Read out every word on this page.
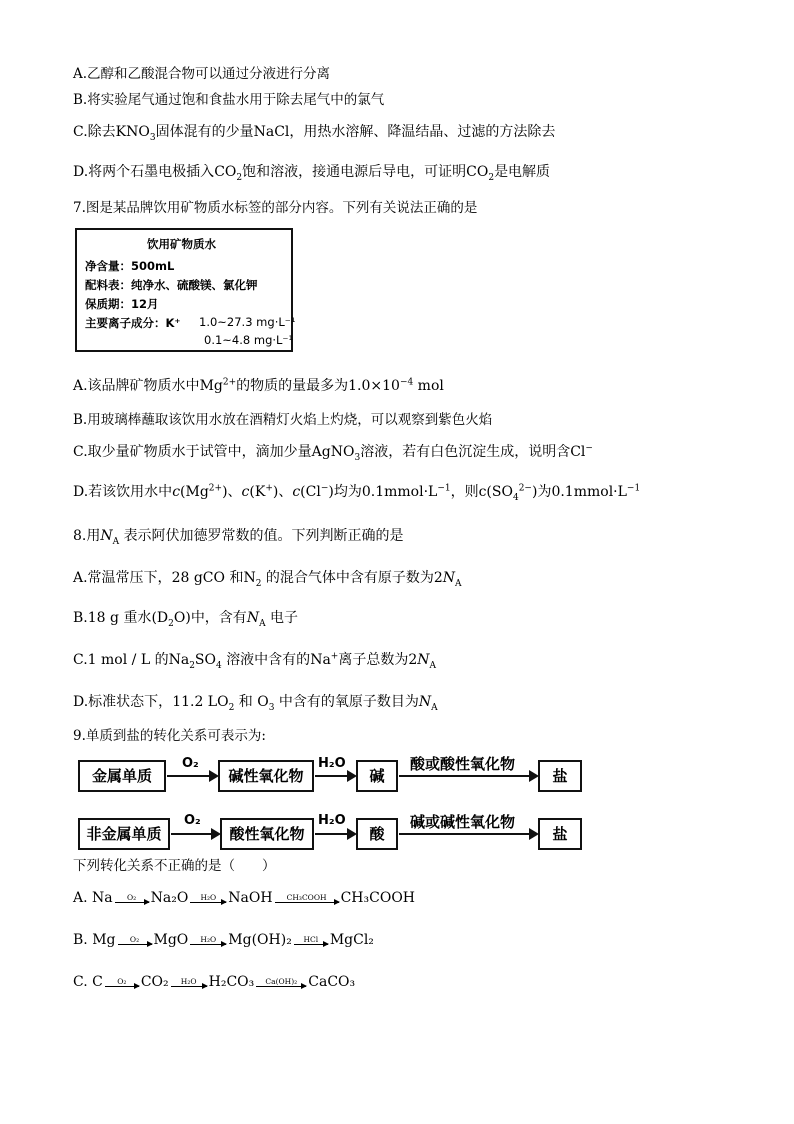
A.乙醇和乙酸混合物可以通过分液进行分离
B.将实验尾气通过饱和食盐水用于除去尾气中的氯气
C.除去$KNO_3$固体混有的少量NaCl，用热水溶解、降温结晶、过滤的方法除去
D.将两个石墨电极插入$CO_2$饱和溶液，接通电源后导电，可证明$CO_2$是电解质
7.图是某品牌饮用矿物质水标签的部分内容。下列有关说法正确的是
饮用矿物质水
净含量：500mL
配料表：纯净水、硫酸镁、氯化钾
保质期：12月
主要离子成分：K⁺ 1.0~27.3 mg·L⁻¹
0.1~4.8 mg·L⁻¹
A.该品牌矿物质水中$Mg^{2+}$的物质的量最多为$1.0\times 10^{-4}$ mol
B.用玻璃棒蘸取该饮用水放在酒精灯火焰上灼烧，可以观察到紫色火焰
C.取少量矿物质水于试管中，滴加少量AgNO$_3$溶液，若有白色沉淀生成，说明含Cl−
D.若该饮用水中$c(Mg^{2+})$、c(K+)、c(Cl−)均为$0.1mmol\cdot L^{-1}$，则$c(SO_4^{2-})$为$0.1mmol\cdot L^{-1}$
8.用$N_A$ 表示阿伏加德罗常数的值。下列判断正确的是
A.常温常压下，28 gCO 和$N_2$ 的混合气体中含有原子数为$2N_A$
B.18 g 重水$(D_2O)$中，含有$N_A$ 电子
C.1 mol / L 的$Na_2SO_4$ 溶液中含有的Na+离子总数为$2N_A$
D.标准状态下，11.2 $LO_2$ 和 $O_3$ 中含有的氧原子数目为$N_A$
9.单质到盐的转化关系可表示为:
金属单质
O₂
碱性氧化物
H₂O
碱
酸或酸性氧化物
盐
非金属单质
O₂
酸性氧化物
H₂O
酸
碱或碱性氧化物
盐
下列转化关系不正确的是（　　）
A. Na	O₂	Na₂O	H₂O NaOH	CH₃COOH	CH₃COOH
B. Mg	O₂	MgO	H₂O Mg(OH)₂	HCl MgCl₂
C. C	O₂	CO₂	H₂O H₂CO₃	Ca(OH)₂ CaCO₃
